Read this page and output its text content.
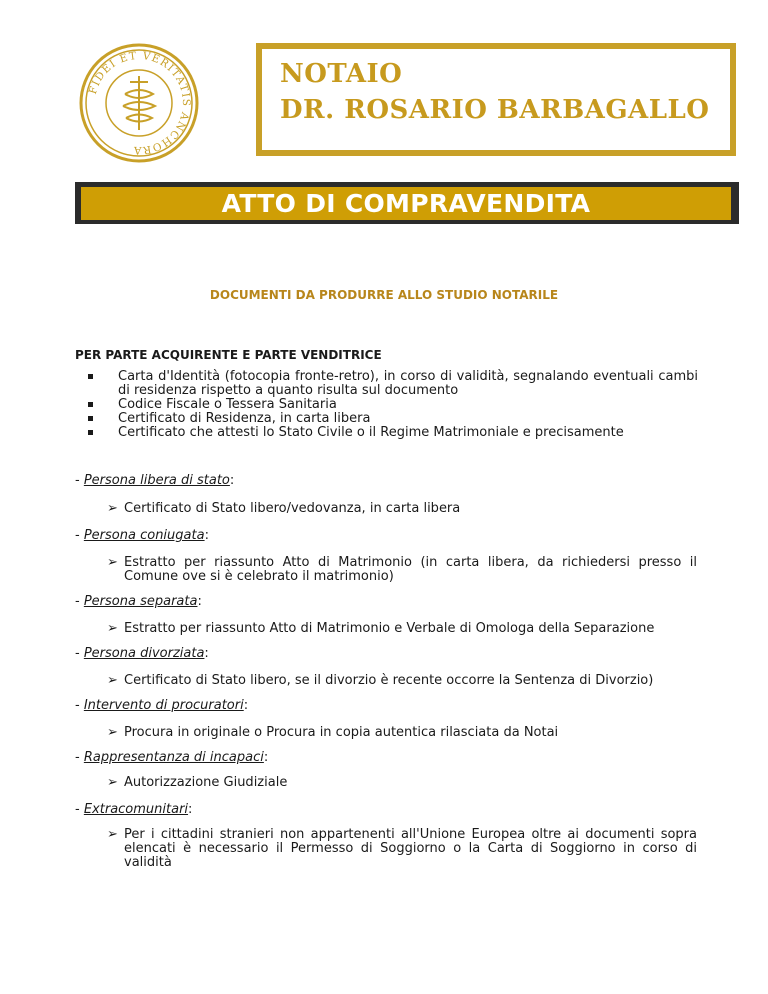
FIDEI ET VERITATIS ANCHORA
NOTAIO
DR. ROSARIO BARBAGALLO
ATTO DI COMPRAVENDITA
DOCUMENTI DA PRODURRE ALLO STUDIO NOTARILE
PER PARTE ACQUIRENTE E PARTE VENDITRICE
Carta d'Identità (fotocopia fronte-retro), in corso di validità, segnalando eventuali cambi di residenza rispetto a quanto risulta sul documento
Codice Fiscale o Tessera Sanitaria
Certificato di Residenza, in carta libera
Certificato che attesti lo Stato Civile o il Regime Matrimoniale e precisamente
- Persona libera di stato:
➢ Certificato di Stato libero/vedovanza, in carta libera
- Persona coniugata:
➢ Estratto per riassunto Atto di Matrimonio (in carta libera, da richiedersi presso il Comune ove si è celebrato il matrimonio)
- Persona separata:
➢ Estratto per riassunto Atto di Matrimonio e Verbale di Omologa della Separazione
- Persona divorziata:
➢ Certificato di Stato libero, se il divorzio è recente occorre la Sentenza di Divorzio)
- Intervento di procuratori:
➢ Procura in originale o Procura in copia autentica rilasciata da Notai
- Rappresentanza di incapaci:
➢ Autorizzazione Giudiziale
- Extracomunitari:
➢ Per i cittadini stranieri non appartenenti all'Unione Europea oltre ai documenti sopra elencati è necessario il Permesso di Soggiorno o la Carta di Soggiorno in corso di validità
